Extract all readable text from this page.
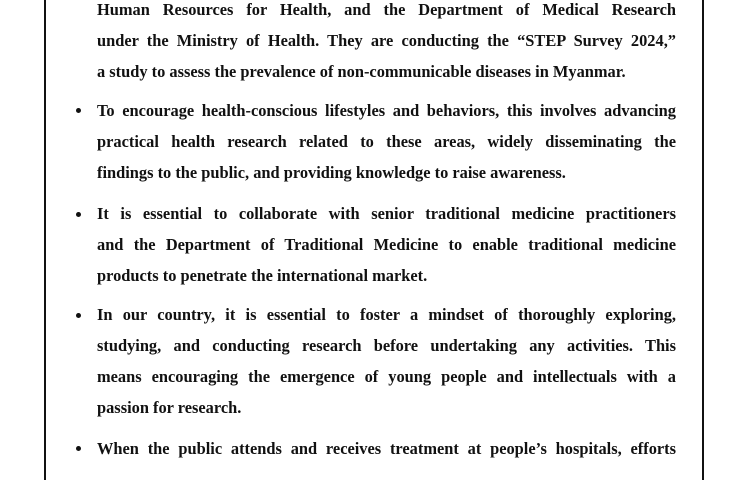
Human Resources for Health, and the Department of Medical Research
under the Ministry of Health. They are conducting the “STEP Survey 2024,”
a study to assess the prevalence of non-communicable diseases in Myanmar.
To encourage health-conscious lifestyles and behaviors, this involves advancing
practical health research related to these areas, widely disseminating the
findings to the public, and providing knowledge to raise awareness.
It is essential to collaborate with senior traditional medicine practitioners
and the Department of Traditional Medicine to enable traditional medicine
products to penetrate the international market.
In our country, it is essential to foster a mindset of thoroughly exploring,
studying, and conducting research before undertaking any activities. This
means encouraging the emergence of young people and intellectuals with a
passion for research.
When the public attends and receives treatment at people’s hospitals, efforts
